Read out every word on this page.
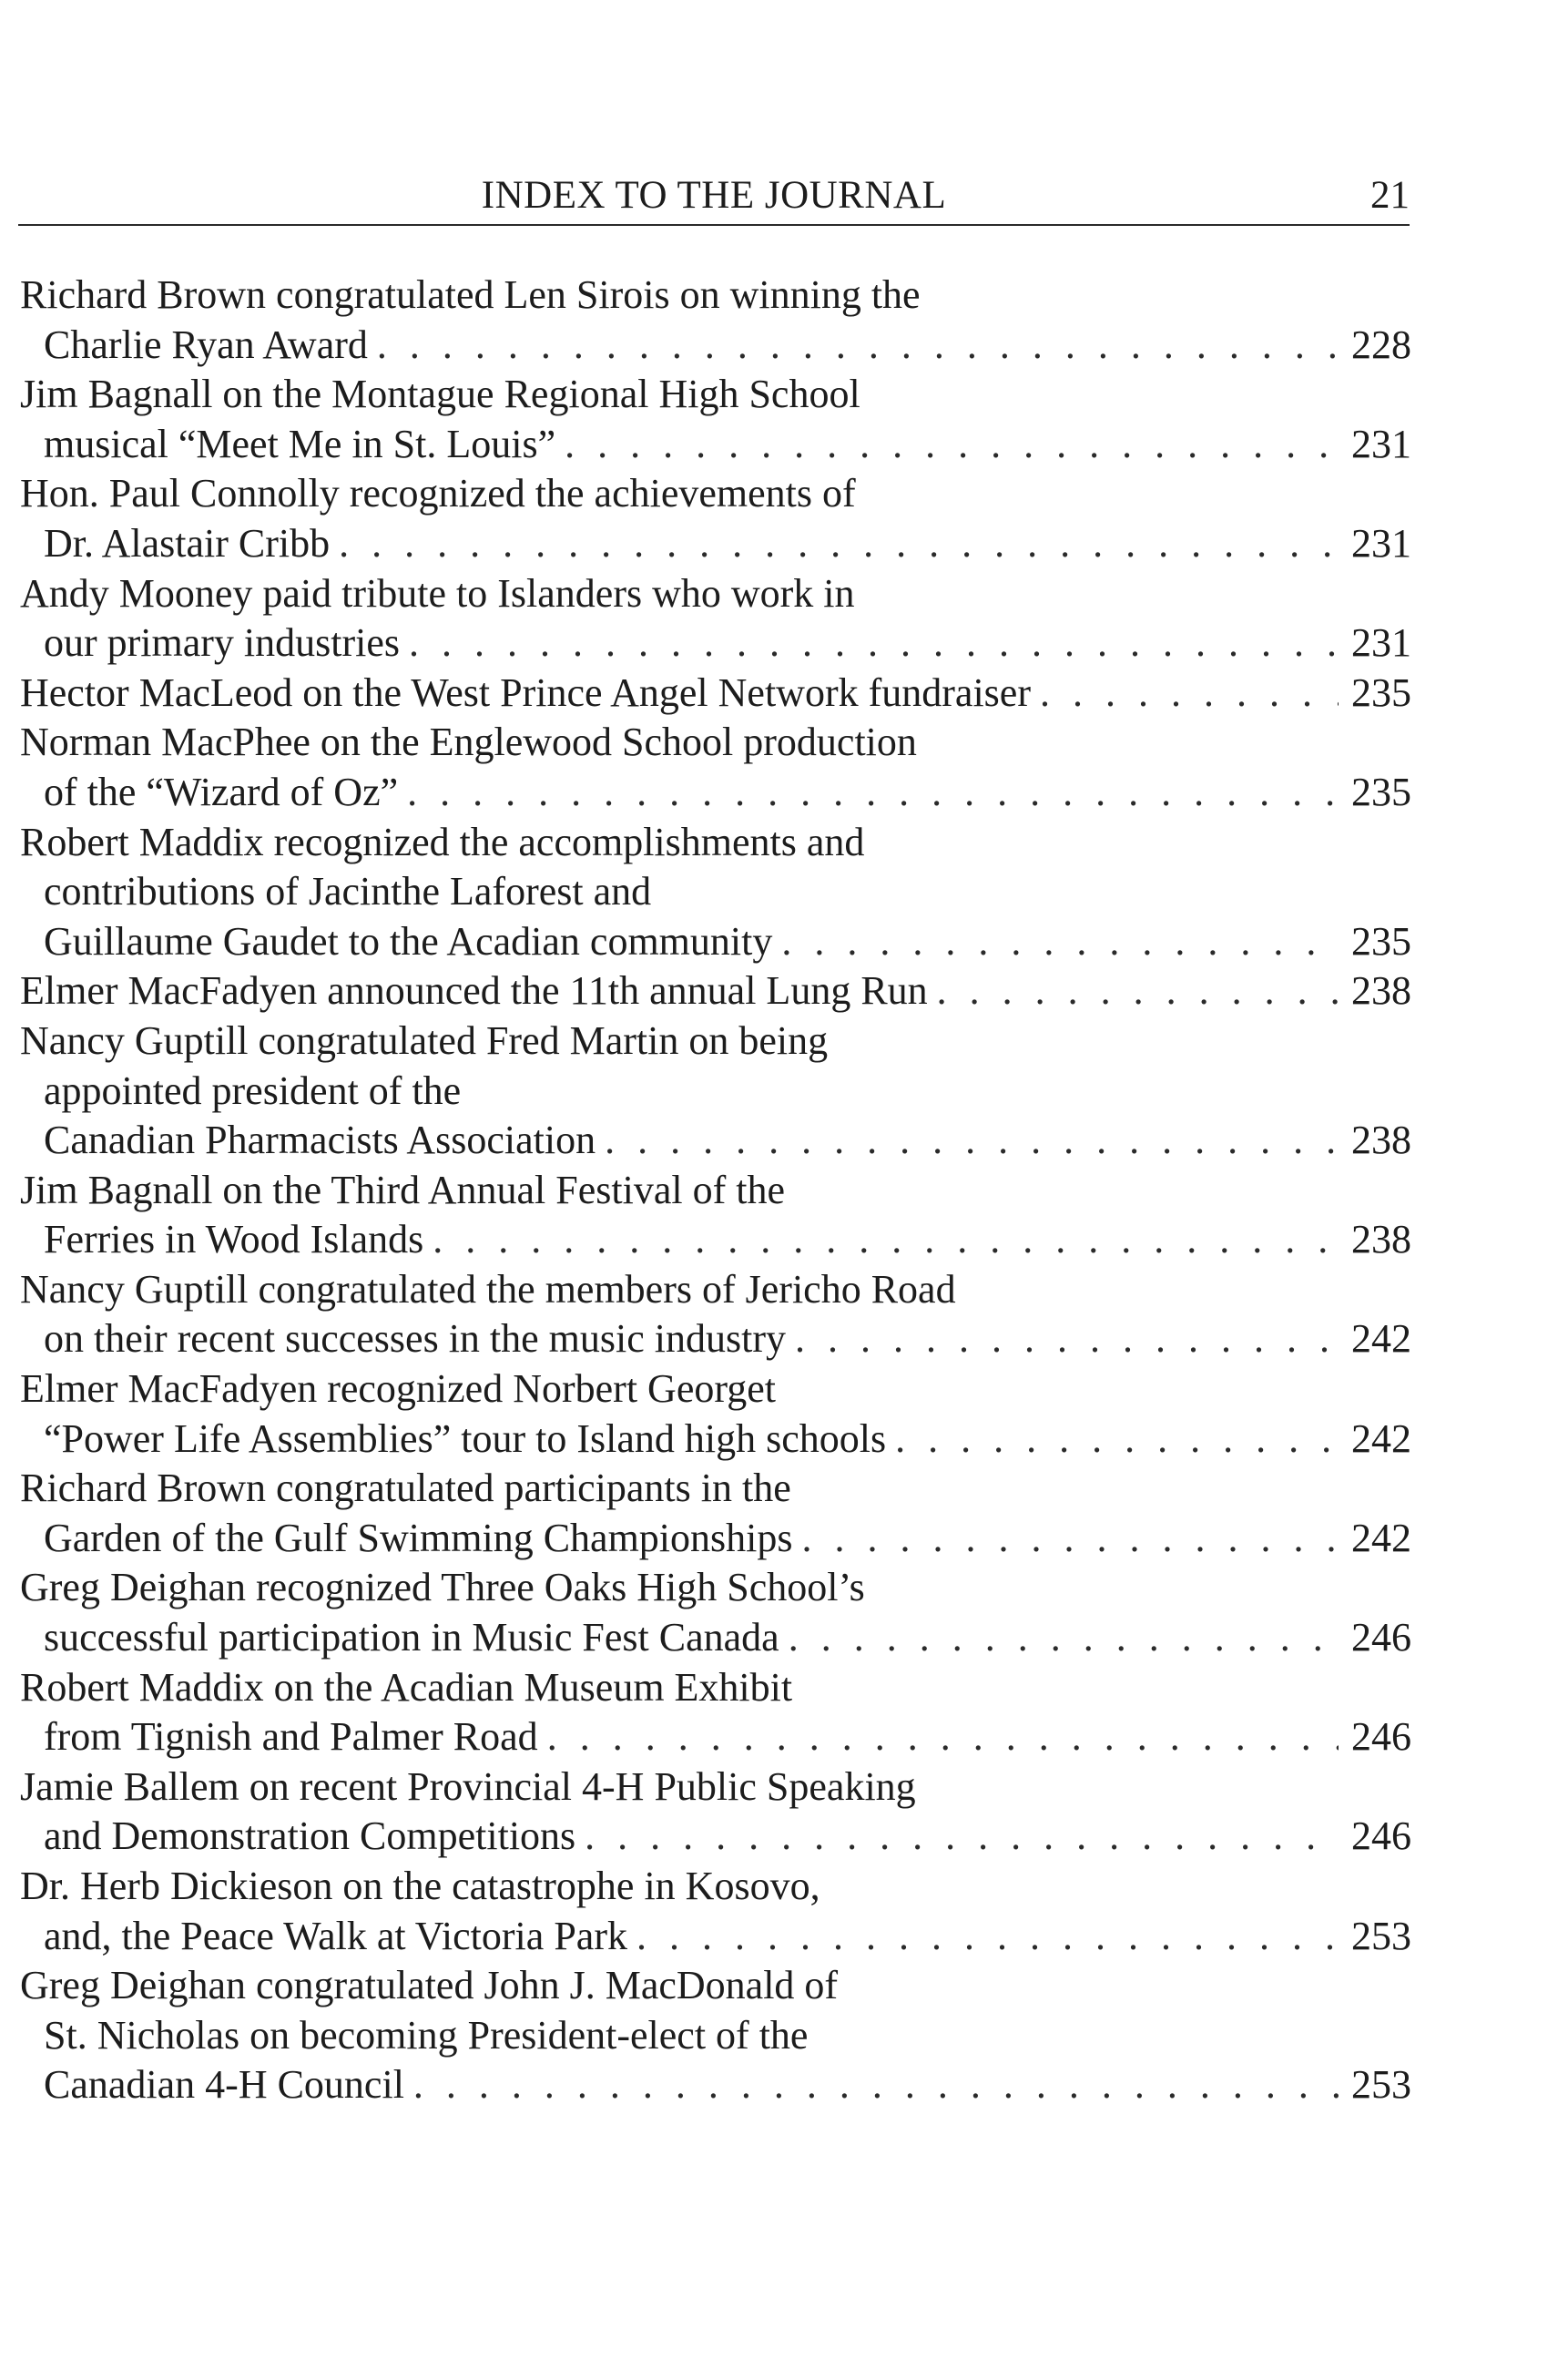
INDEX TO THE JOURNAL	21
Richard Brown congratulated Len Sirois on winning the
Charlie Ryan Award . . .	228
Jim Bagnall on the Montague Regional High School
musical “Meet Me in St. Louis” . . .	231
Hon. Paul Connolly recognized the achievements of
Dr. Alastair Cribb . . .	231
Andy Mooney paid tribute to Islanders who work in
our primary industries . . .	231
Hector MacLeod on the West Prince Angel Network fundraiser . . .	235
Norman MacPhee on the Englewood School production
of the “Wizard of Oz” . . .	235
Robert Maddix recognized the accomplishments and
contributions of Jacinthe Laforest and
Guillaume Gaudet to the Acadian community . . .	235
Elmer MacFadyen announced the 11th annual Lung Run . . .	238
Nancy Guptill congratulated Fred Martin on being
appointed president of the
Canadian Pharmacists Association . . .	238
Jim Bagnall on the Third Annual Festival of the
Ferries in Wood Islands . . .	238
Nancy Guptill congratulated the members of Jericho Road
on their recent successes in the music industry . . .	242
Elmer MacFadyen recognized Norbert Georget
“Power Life Assemblies” tour to Island high schools . . .	242
Richard Brown congratulated participants in the
Garden of the Gulf Swimming Championships . . .	242
Greg Deighan recognized Three Oaks High School’s
successful participation in Music Fest Canada . . .	246
Robert Maddix on the Acadian Museum Exhibit
from Tignish and Palmer Road . . .	246
Jamie Ballem on recent Provincial 4-H Public Speaking
and Demonstration Competitions . . .	246
Dr. Herb Dickieson on the catastrophe in Kosovo,
and, the Peace Walk at Victoria Park . . .	253
Greg Deighan congratulated John J. MacDonald of
St. Nicholas on becoming President-elect of the
Canadian 4-H Council . . .	253
